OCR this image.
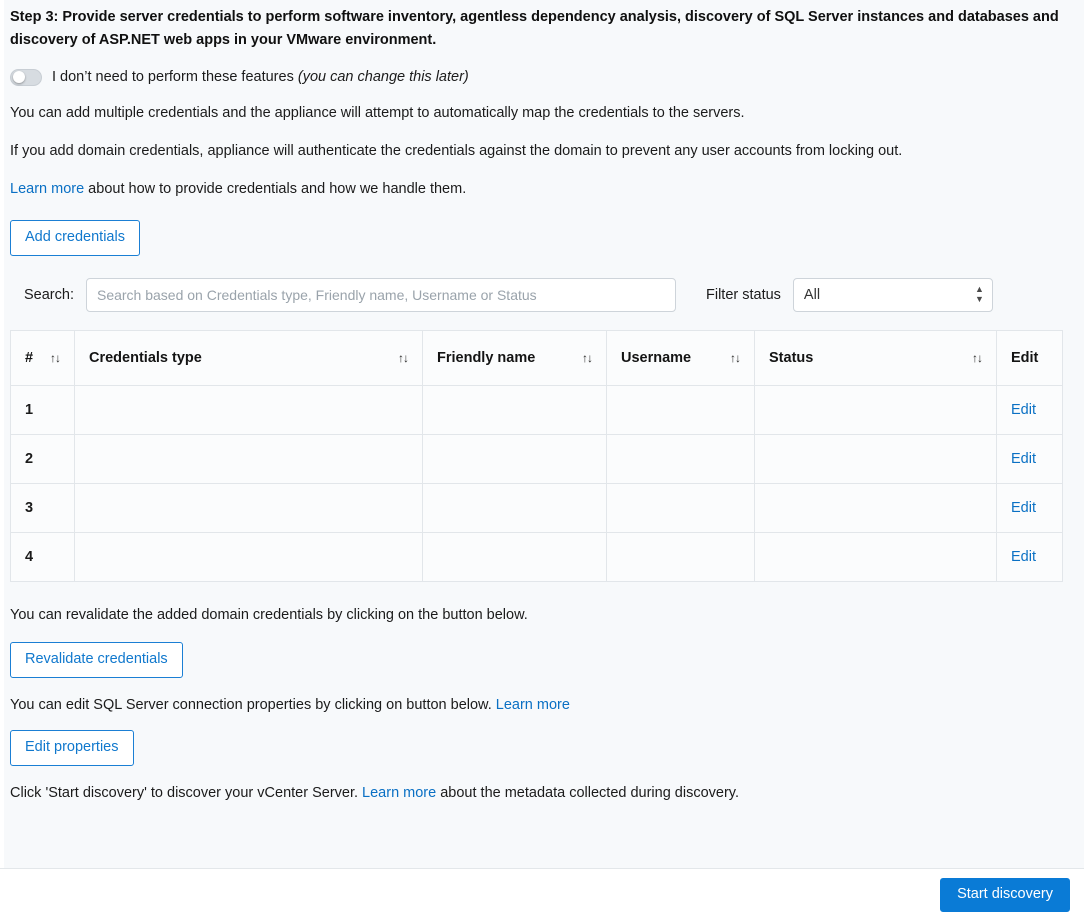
Step 3: Provide server credentials to perform software inventory, agentless dependency analysis, discovery of SQL Server instances and databases and discovery of ASP.NET web apps in your VMware environment.
I don’t need to perform these features (you can change this later)

You can add multiple credentials and the appliance will attempt to automatically map the credentials to the servers.

If you add domain credentials, appliance will authenticate the credentials against the domain to prevent any user accounts from locking out.

Learn more about how to provide credentials and how we handle them.

Add credentials
Search:
Search based on Credentials type, Friendly name, Username or Status	Filter status
All	▲
▼
# ↑↓	Credentials type ↑↓	Friendly name ↑↓	Username ↑↓	Status ↑↓	Edit

1					Edit
2					Edit
3					Edit
4					Edit

You can revalidate the added domain credentials by clicking on the button below.

Revalidate credentials

You can edit SQL Server connection properties by clicking on button below. Learn more

Edit properties

Click 'Start discovery' to discover your vCenter Server. Learn more about the metadata collected during discovery.

Start discovery
